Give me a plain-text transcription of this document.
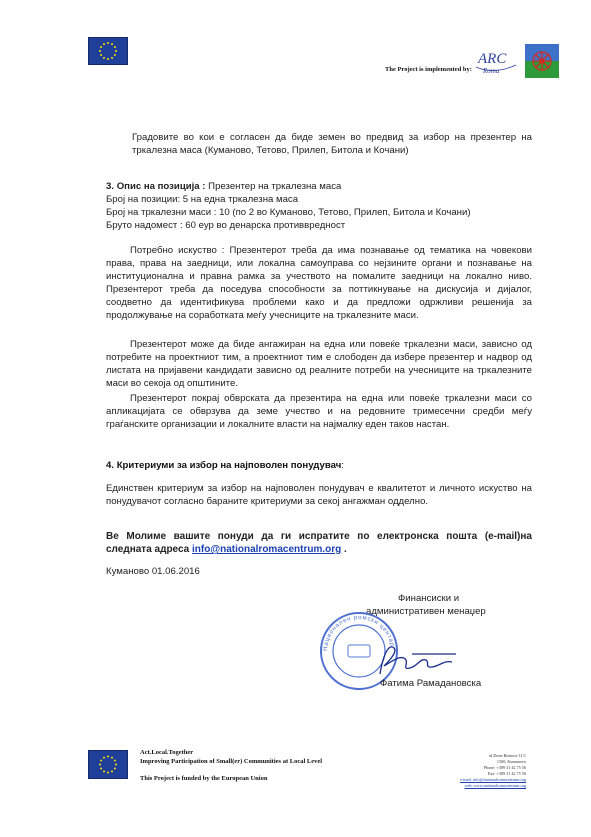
The Project is implemented by:
ARC
Roma
Градовите во кои е согласен да биде земен во предвид за избор на презентер на тркалезна маса (Куманово, Тетово, Прилеп, Битола и Кочани)
3. Опис на позиција : Презентер на тркалезна маса
Број на позиции: 5 на една тркалезна маса
Број на тркалезни маси : 10 (по 2 во Куманово, Тетово, Прилеп, Битола и Кочани)
Бруто надомест : 60 еур во денарска противвредност
Потребно искуство : Презентерот треба да има познавање од тематика на човекови права, права на заедници, или локална самоуправа со нејзините органи и познавање на институционална и правна рамка за учеството на помалите заедници на локално ниво. Презентерот треба да поседува способности за поттикнување на дискусија и дијалог, соодветно да идентификува проблеми како и да предложи одржливи решенија за продолжување на соработката меѓу учесниците на тркалезните маси.
Презентерот може да биде ангажиран на една или повеќе тркалезни маси, зависно од потребите на проектниот тим, а проектниот тим е слободен да избере презентер и надвор од листата на пријавени кандидати зависно од реалните потреби на учесниците на тркалезните маси во секоја од општините.
Презентерот покрај обврската да презентира на една или повеќе тркалезни маси со апликацијата се обврзува да земе учество и на редовните тримесечни средби меѓу граѓанските организации и локалните власти на најмалку еден таков настан.
4. Критериуми за избор на најповолен понудувач:
Единствен критериум за избор на најповолен понудувач е квалитетот и личното искуство на понудувачот согласно бараните критериуми за секој ангажман одделно.
Ве Молиме вашите понуди да ги испратите по електронска пошта (e-mail)на следната адреса info@nationalromacentrum.org .
Куманово 01.06.2016
Финансиски и
административен менаџер
Национален ромски центар
Фатима Рамадановска
Act.Local.Together
Improving Participation of Small(er) Communities at Local Level
This Project is funded by the European Union
ul.Done Bozinov 11/1
1300, Kumanovo
Phone: +389 31 42 75 56
Fax: +389 31 42 75 56
e-mail: info@nationalromacentrum.org
web: www.nationalromacentrum.org
